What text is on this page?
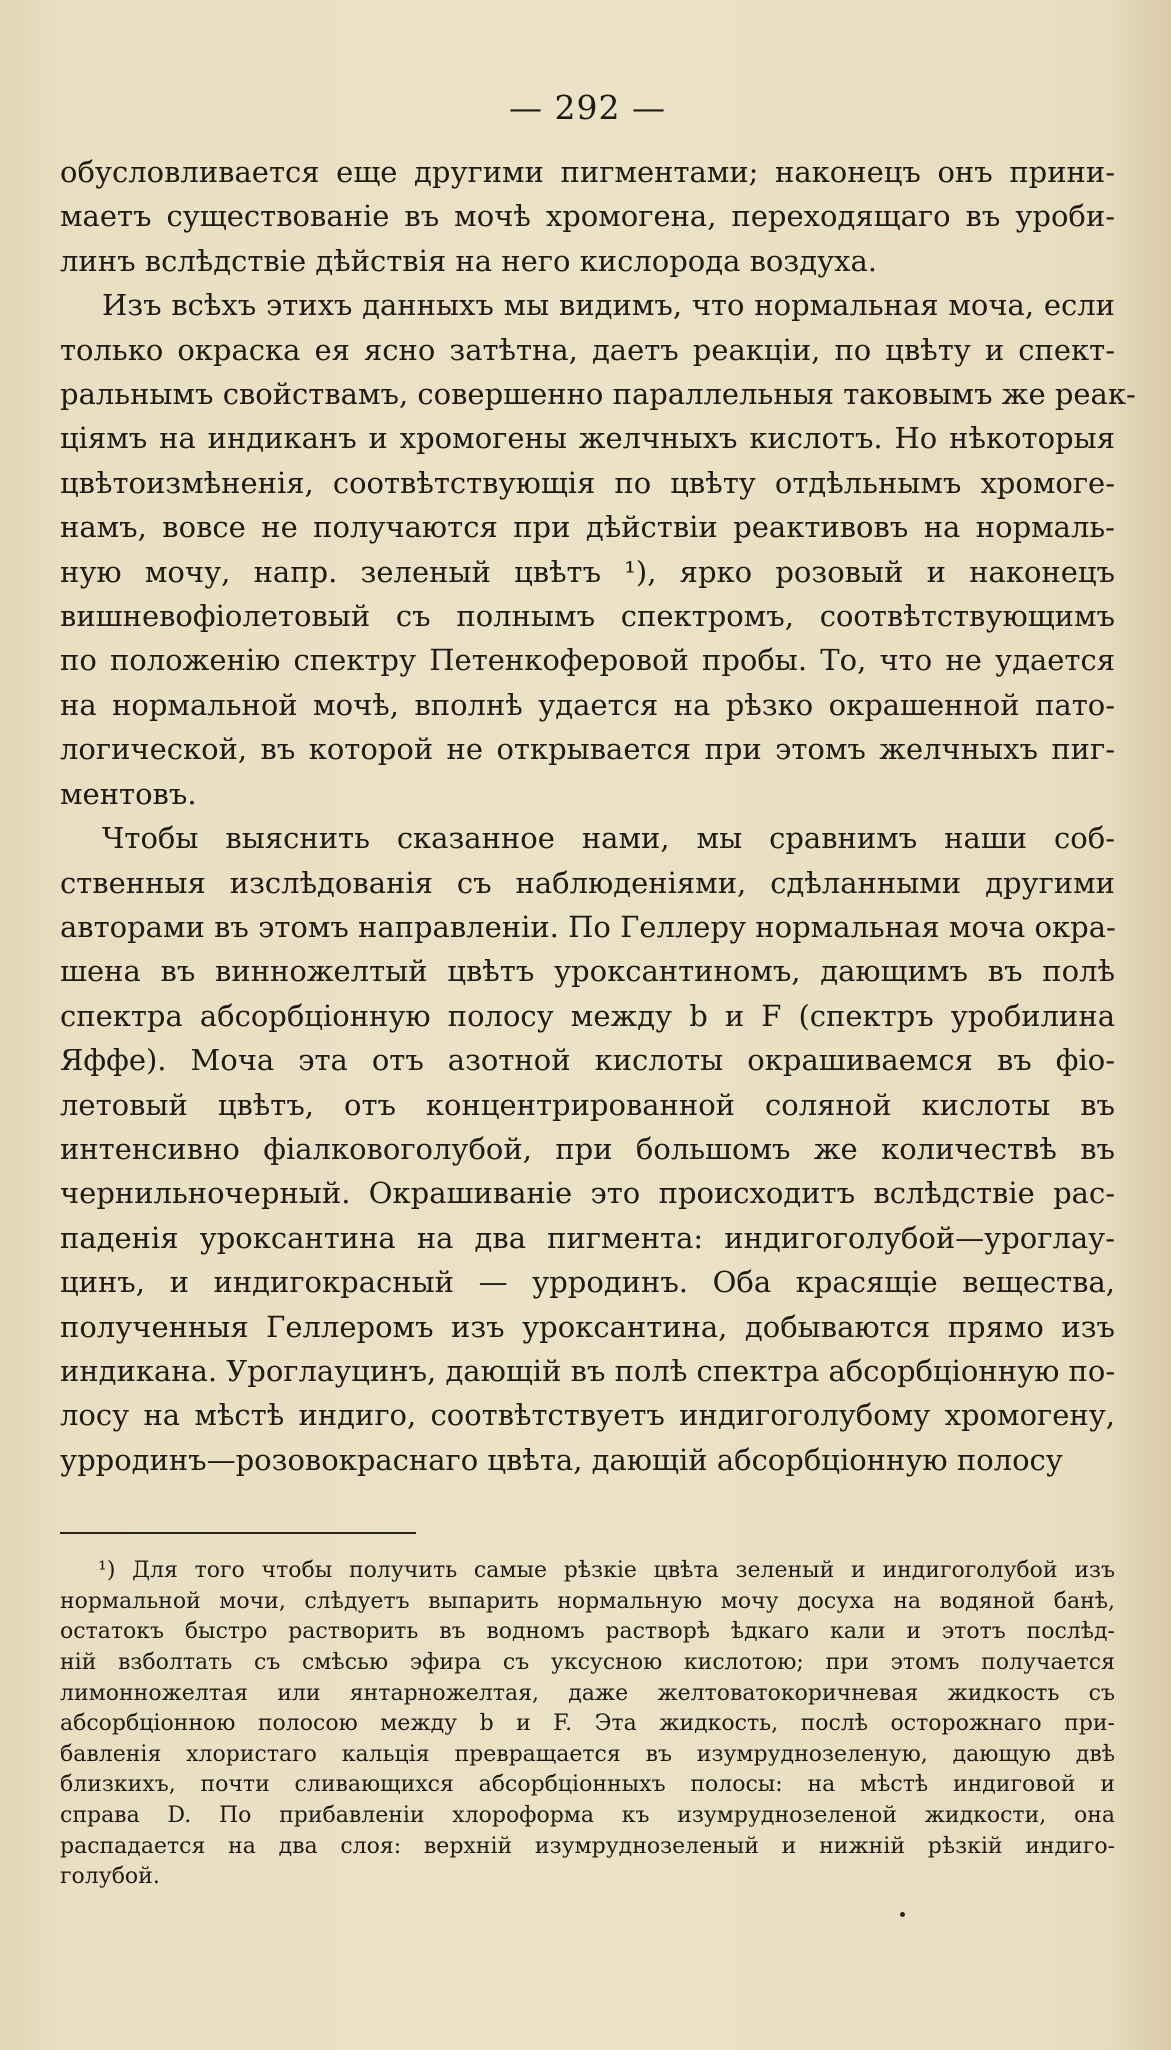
— 292 —

обусловливается еще другими пигментами; наконецъ онъ прини-
маетъ существованіе въ мочѣ хромогена, переходящаго въ уроби-
линъ вслѣдствіе дѣйствія на него кислорода воздуха.

Изъ всѣхъ этихъ данныхъ мы видимъ, что нормальная моча, если
только окраска ея ясно затѣтна, даетъ реакціи, по цвѣту и спект-
ральнымъ свойствамъ, совершенно параллельныя таковымъ же реак-
ціямъ на индиканъ и хромогены желчныхъ кислотъ. Но нѣкоторыя
цвѣтоизмѣненія, соотвѣтствующія по цвѣту отдѣльнымъ хромоге-
намъ, вовсе не получаются при дѣйствіи реактивовъ на нормаль-
ную мочу, напр. зеленый цвѣтъ ¹), ярко розовый и наконецъ
вишневофіолетовый съ полнымъ спектромъ, соотвѣтствующимъ
по положенію спектру Петенкоферовой пробы. То, что не удается
на нормальной мочѣ, вполнѣ удается на рѣзко окрашенной пато-
логической, въ которой не открывается при этомъ желчныхъ пиг-
ментовъ.

Чтобы выяснить сказанное нами, мы сравнимъ наши соб-
ственныя изслѣдованія съ наблюденіями, сдѣланными другими
авторами въ этомъ направленіи. По Геллеру нормальная моча окра-
шена въ винножелтый цвѣтъ уроксантиномъ, дающимъ въ полѣ
спектра абсорбціонную полосу между b и F (спектръ уробилина
Яффе). Моча эта отъ азотной кислоты окрашиваемся въ фіо-
летовый цвѣтъ, отъ концентрированной соляной кислоты въ
интенсивно фіалковоголубой, при большомъ же количествѣ въ
чернильночерный. Окрашиваніе это происходитъ вслѣдствіе рас-
паденія уроксантина на два пигмента: индигоголубой—уроглау-
цинъ, и индигокрасный — урродинъ. Оба красящіе вещества,
полученныя Геллеромъ изъ уроксантина, добываются прямо изъ
индикана. Уроглауцинъ, дающій въ полѣ спектра абсорбціонную по-
лосу на мѣстѣ индиго, соотвѣтствуетъ индигоголубому хромогену,
урродинъ—розовокраснаго цвѣта, дающій абсорбціонную полосу

¹) Для того чтобы получить самые рѣзкіе цвѣта зеленый и индигоголубой изъ
нормальной мочи, слѣдуетъ выпарить нормальную мочу досуха на водяной банѣ,
остатокъ быстро растворить въ водномъ растворѣ ѣдкаго кали и этотъ послѣд-
ній взболтать съ смѣсью эфира съ уксусною кислотою; при этомъ получается
лимонножелтая или янтарножелтая, даже желтоватокоричневая жидкость съ
абсорбціонною полосою между b и F. Эта жидкость, послѣ осторожнаго при-
бавленія хлористаго кальція превращается въ изумруднозеленую, дающую двѣ
близкихъ, почти сливающихся абсорбціонныхъ полосы: на мѣстѣ индиговой и
справа D. По прибавленіи хлороформа къ изумруднозеленой жидкости, она
распадается на два слоя: верхній изумруднозеленый и нижній рѣзкій индиго-
голубой.
